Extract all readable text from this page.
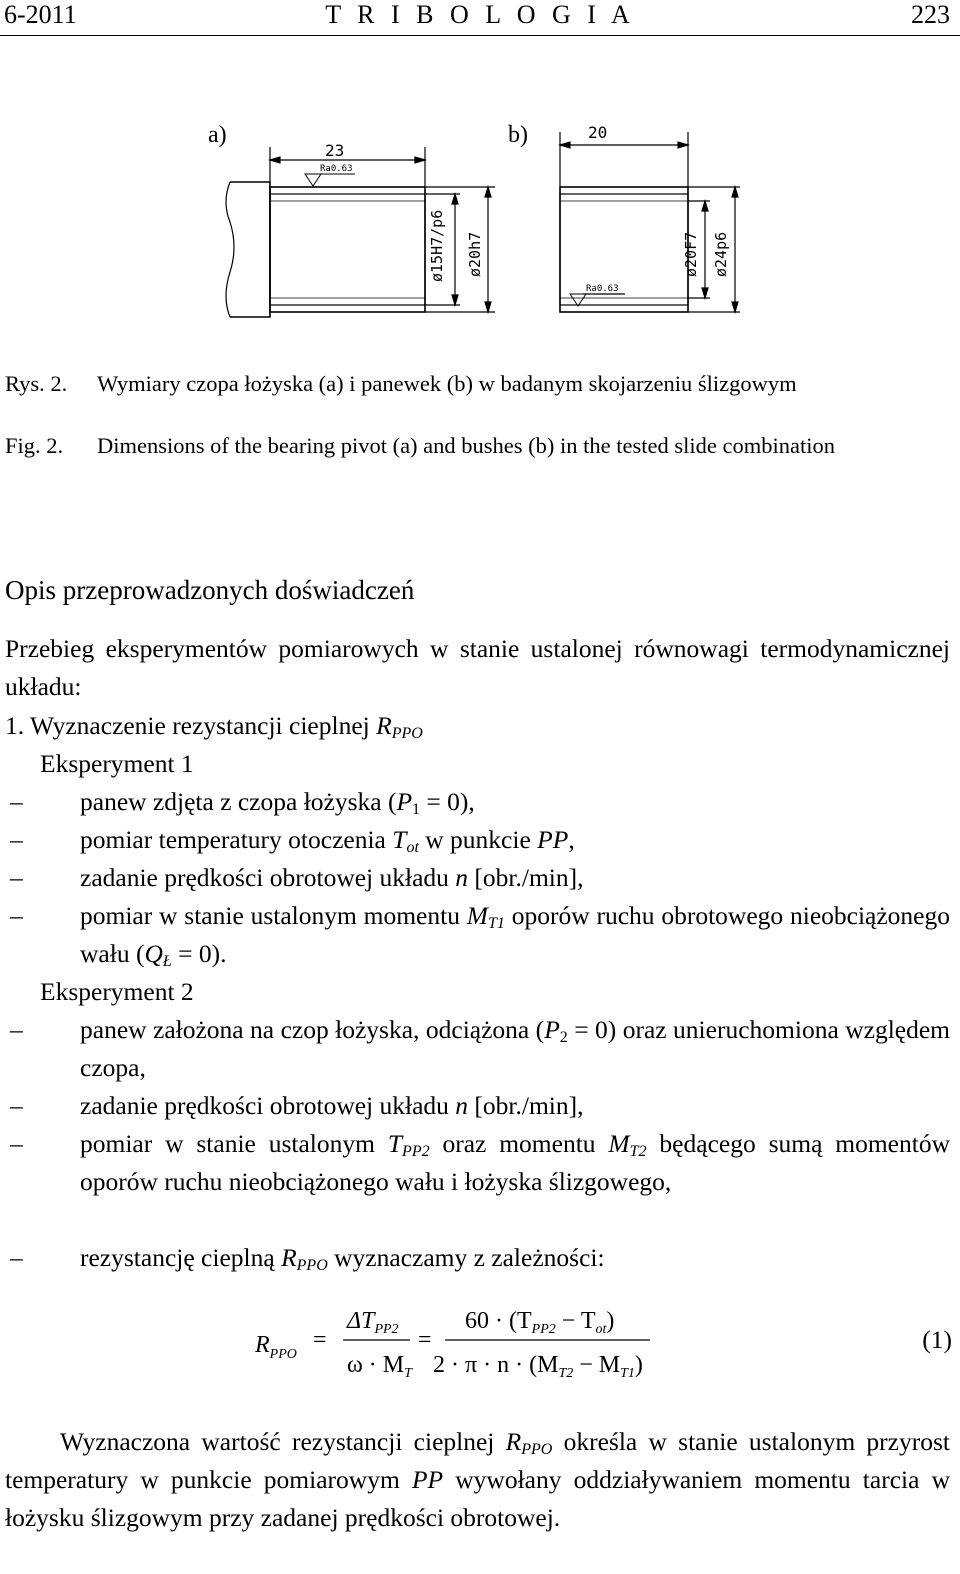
6-2011	T R I B O L O G I A	223
a)	b)
23
Ra0.63
ø15H7/p6 ø20h7
20
Ra0.63
ø20F7 ø24p6
Rys. 2. Wymiary czopa łożyska (a) i panewek (b) w badanym skojarzeniu ślizgowym
Fig. 2. Dimensions of the bearing pivot (a) and bushes (b) in the tested slide combination
Opis przeprowadzonych doświadczeń
Przebieg eksperymentów pomiarowych w stanie ustalonej równowagi termodynamicznej układu:
1. Wyznaczenie rezystancji cieplnej $R_{PPO}$
Eksperyment 1
– panew zdjęta z czopa łożyska $(P_1 = 0)$,
– pomiar temperatury otoczenia $T_{ot}$ w punkcie PP,
– zadanie prędkości obrotowej układu n [obr./min],
– pomiar w stanie ustalonym momentu $M_{T1}$ oporów ruchu obrotowego nieobciążonego wału $(Q_Ł = 0)$.
Eksperyment 2
– panew założona na czop łożyska, odciążona $(P_2 = 0)$ oraz unieruchomiona względem czopa,
– zadanie prędkości obrotowej układu n [obr./min],
– pomiar w stanie ustalonym $T_{PP2}$ oraz momentu $M_{T2}$ będącego sumą momentów oporów ruchu nieobciążonego wału i łożyska ślizgowego,
– rezystancję cieplną $R_{PPO}$ wyznaczamy z zależności:
$R_{PPO}$
=
$\Delta T_{PP2}$
$\omega \cdot M_T$
=
$60 \cdot (T_{PP2} - T_{ot})$
$2 \cdot \pi \cdot n \cdot (M_{T2} - M_{T1})$
(1)
Wyznaczona wartość rezystancji cieplnej $R_{PPO}$ określa w stanie ustalonym przyrost temperatury w punkcie pomiarowym PP wywołany oddziaływaniem momentu tarcia w łożysku ślizgowym przy zadanej prędkości obrotowej.
